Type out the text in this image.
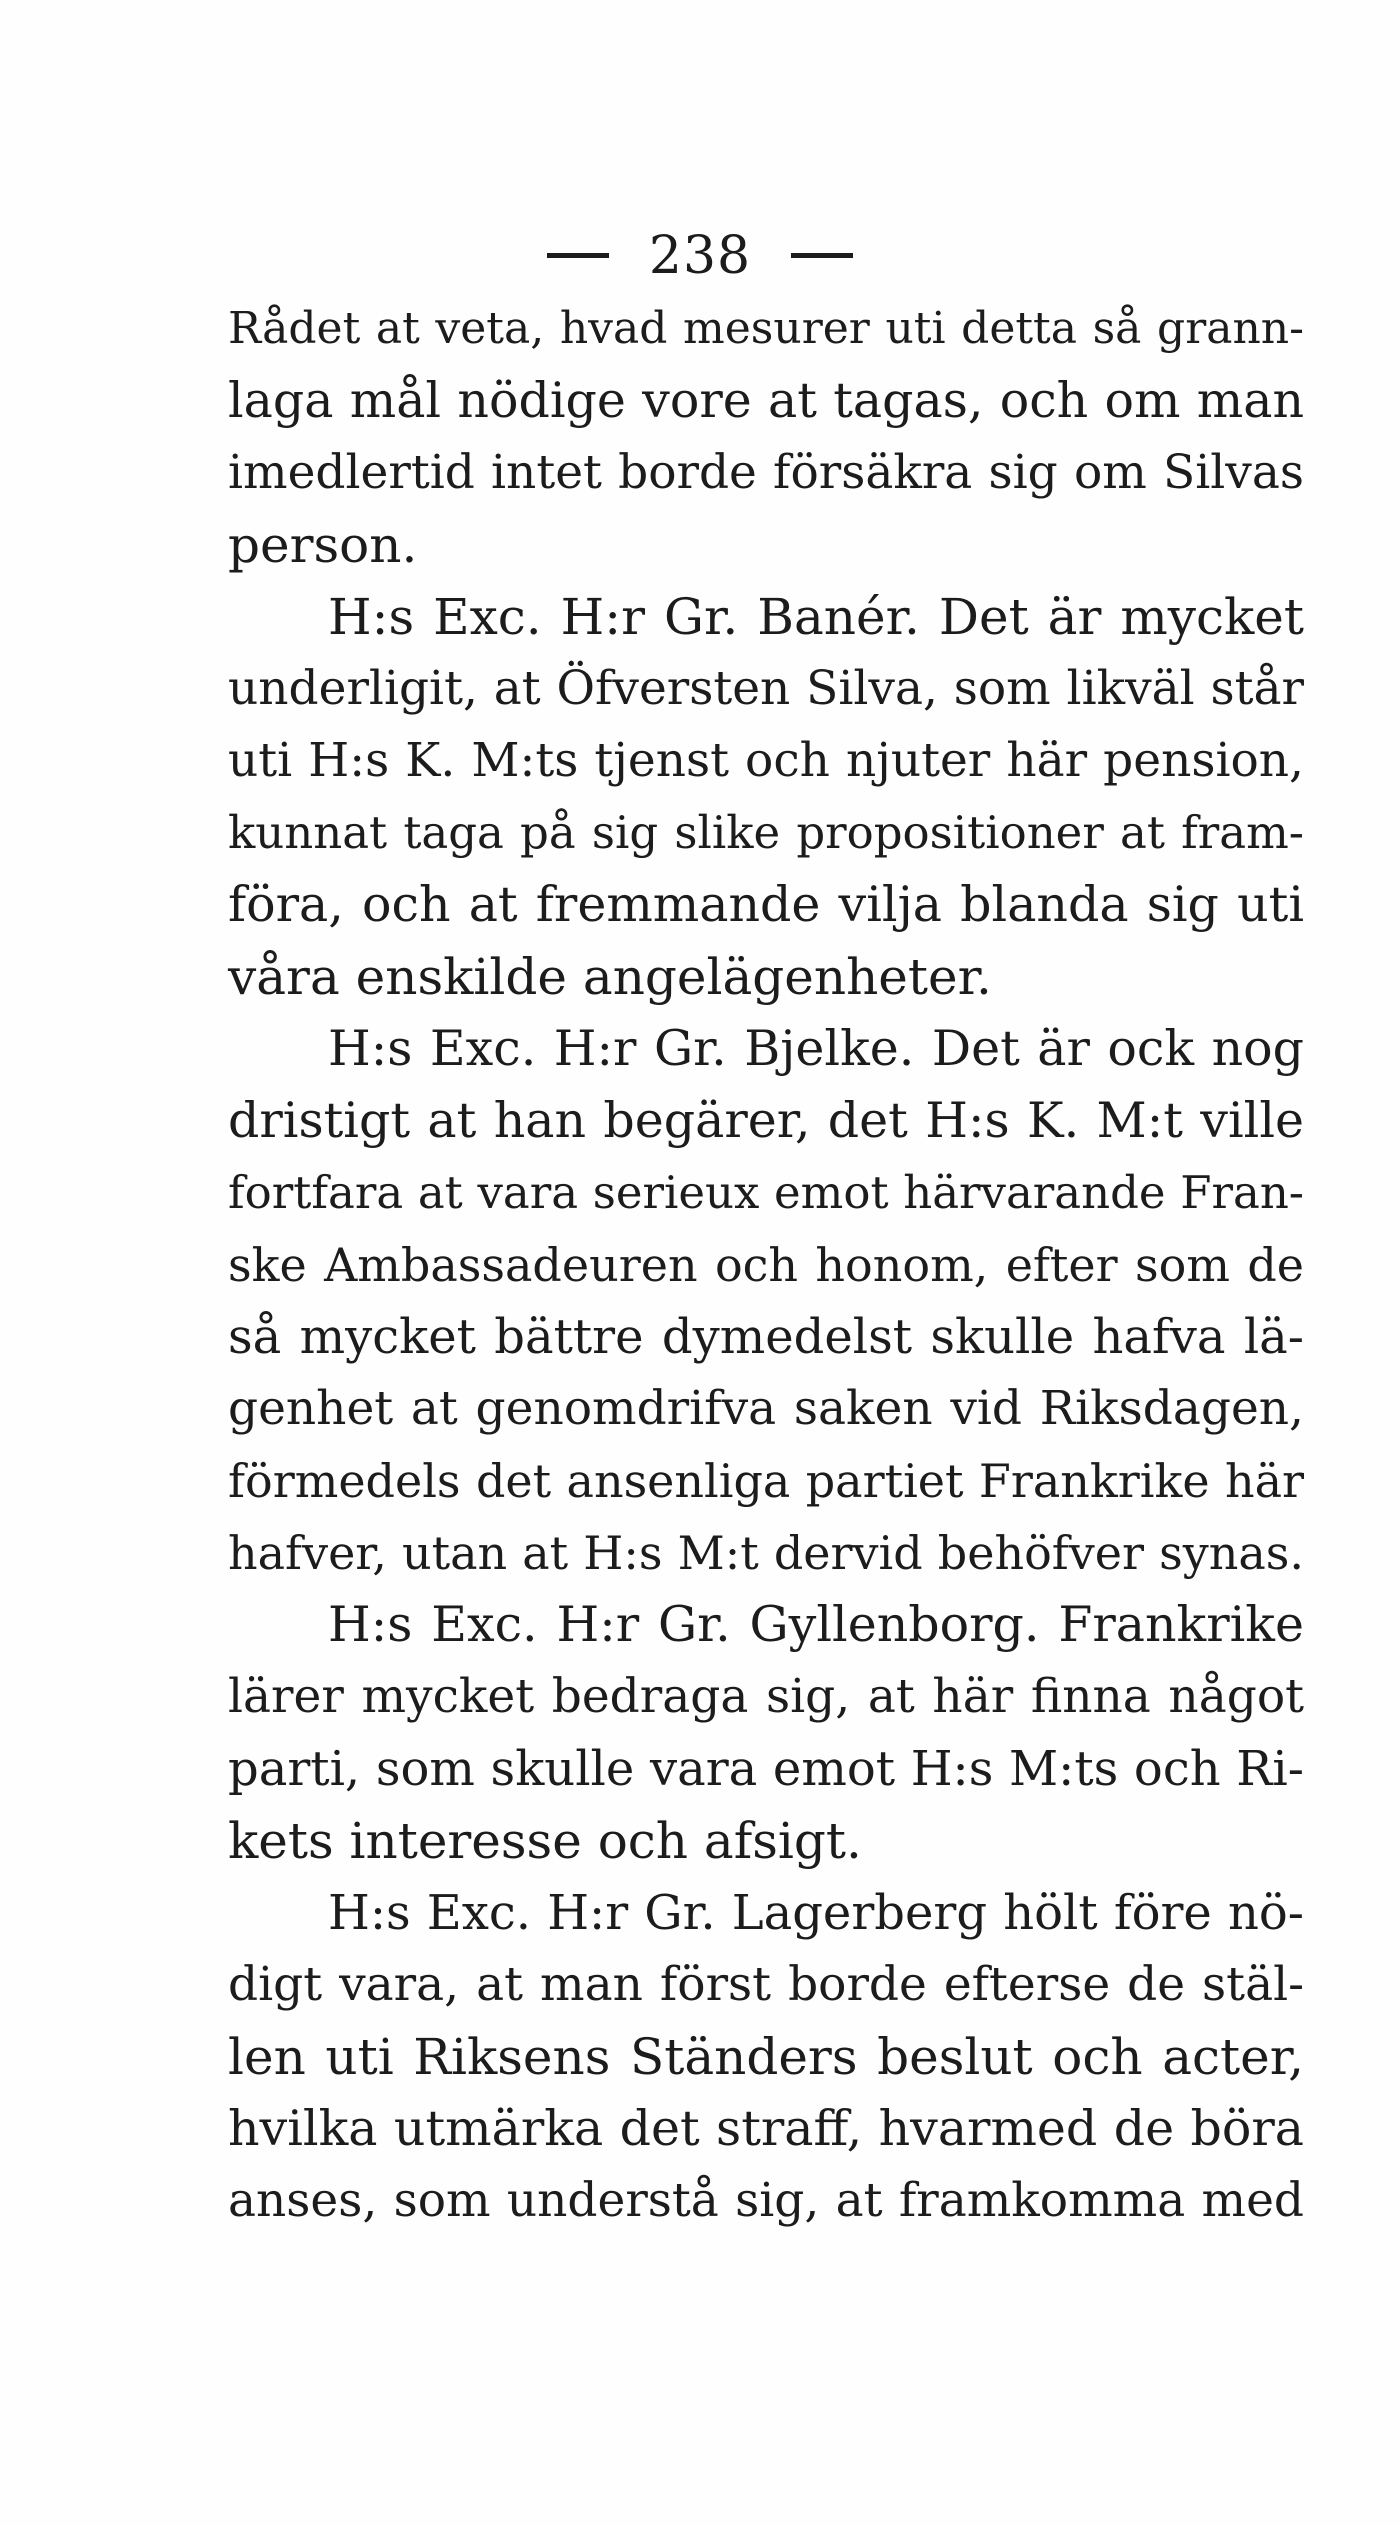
238
Rådet at veta, hvad mesurer uti detta så grann-
laga mål nödige vore at tagas, och om man
imedlertid intet borde försäkra sig om Silvas
person.
H:s Exc. H:r Gr. Banér. Det är mycket
underligit, at Öfversten Silva, som likväl står
uti H:s K. M:ts tjenst och njuter här pension,
kunnat taga på sig slike propositioner at fram-
föra, och at fremmande vilja blanda sig uti
våra enskilde angelägenheter.
H:s Exc. H:r Gr. Bjelke. Det är ock nog
dristigt at han begärer, det H:s K. M:t ville
fortfara at vara serieux emot härvarande Fran-
ske Ambassadeuren och honom, efter som de
så mycket bättre dymedelst skulle hafva lä-
genhet at genomdrifva saken vid Riksdagen,
förmedels det ansenliga partiet Frankrike här
hafver, utan at H:s M:t dervid behöfver synas.
H:s Exc. H:r Gr. Gyllenborg. Frankrike
lärer mycket bedraga sig, at här finna något
parti, som skulle vara emot H:s M:ts och Ri-
kets interesse och afsigt.
H:s Exc. H:r Gr. Lagerberg hölt före nö-
digt vara, at man först borde efterse de stäl-
len uti Riksens Ständers beslut och acter,
hvilka utmärka det straff, hvarmed de böra
anses, som understå sig, at framkomma med
